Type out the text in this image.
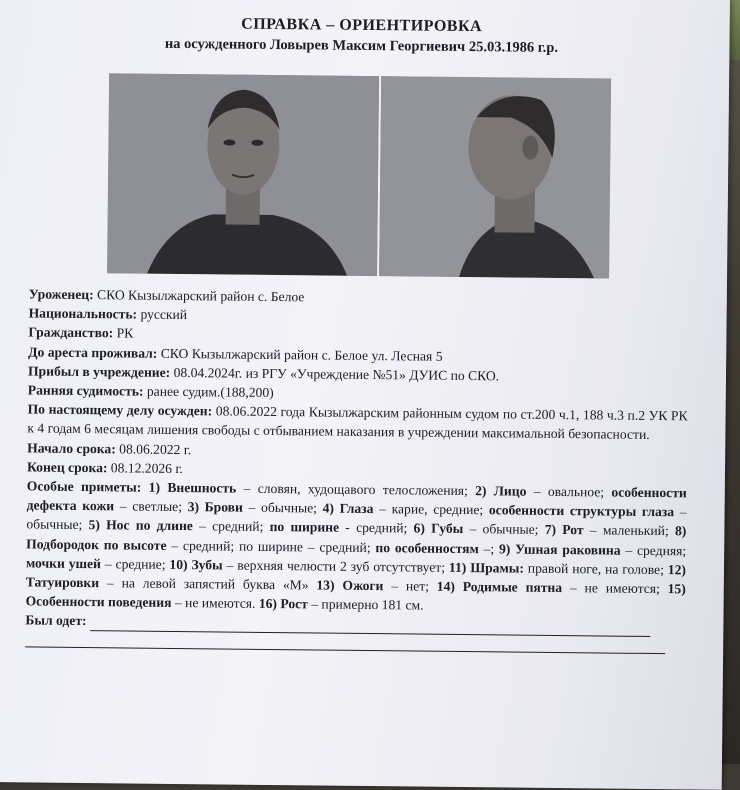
СПРАВКА – ОРИЕНТИРОВКА

на осужденного Ловырев Максим Георгиевич 25.03.1986 г.р.

Уроженец: СКО Кызылжарский район с. Белое
Национальность: русский
Гражданство: РК
До ареста проживал: СКО Кызылжарский район с. Белое ул. Лесная 5
Прибыл в учреждение: 08.04.2024г. из РГУ «Учреждение №51» ДУИС по СКО.
Ранняя судимость: ранее судим.(188,200)
По настоящему делу осужден: 08.06.2022 года Кызылжарским районным судом по ст.200 ч.1, 188 ч.3 п.2 УК РК к 4 годам 6 месяцам лишения свободы с отбыванием наказания в учреждении максимальной безопасности.
Начало срока: 08.06.2022 г.
Конец срока: 08.12.2026 г.
Особые приметы: 1) Внешность – словян, худощавого телосложения; 2) Лицо – овальное; особенности дефекта кожи – светлые; 3) Брови – обычные; 4) Глаза – карие, средние; особенности структуры глаза – обычные; 5) Нос по длине – средний; по ширине - средний; 6) Губы – обычные; 7) Рот – маленький; 8) Подбородок по высоте – средний; по ширине – средний; по особенностям –; 9) Ушная раковина – средняя; мочки ушей – средние; 10) Зубы – верхняя челюсти 2 зуб отсутствует; 11) Шрамы: правой ноге, на голове; 12) Татуировки – на левой запястий буква «М» 13) Ожоги – нет; 14) Родимые пятна – не имеются; 15) Особенности поведения – не имеются. 16) Рост – примерно 181 см.
Был одет:
